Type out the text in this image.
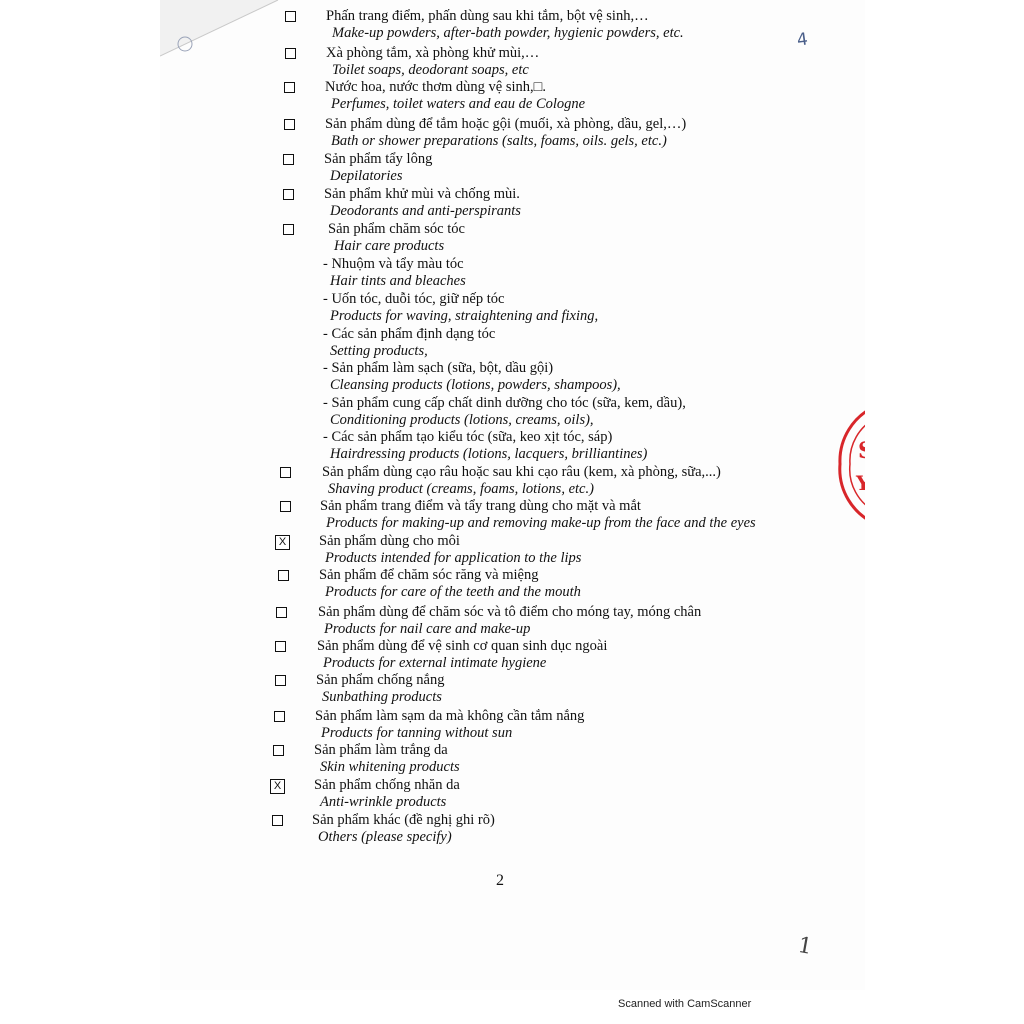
Phấn trang điểm, phấn dùng sau khi tắm, bột vệ sinh,…
Make-up powders, after-bath powder, hygienic powders, etc.
Xà phòng tắm, xà phòng khử mùi,…
Toilet soaps, deodorant soaps, etc
Nước hoa, nước thơm dùng vệ sinh,□.
Perfumes, toilet waters and eau de Cologne
Sản phẩm dùng để tắm hoặc gội (muối, xà phòng, dầu, gel,…)
Bath or shower preparations (salts, foams, oils. gels, etc.)
Sản phẩm tẩy lông
Depilatories
Sản phẩm khử mùi và chống mùi.
Deodorants and anti-perspirants
Sản phẩm chăm sóc tóc
Hair care products
Sản phẩm dùng cạo râu hoặc sau khi cạo râu (kem, xà phòng, sữa,...)
Shaving product (creams, foams, lotions, etc.)
Sản phẩm trang điểm và tẩy trang dùng cho mặt và mắt
Products for making-up and removing make-up from the face and the eyes
X Sản phẩm dùng cho môi
Products intended for application to the lips
Sản phẩm để chăm sóc răng và miệng
Products for care of the teeth and the mouth
Sản phẩm dùng để chăm sóc và tô điểm cho móng tay, móng chân
Products for nail care and make-up
Sản phẩm dùng để vệ sinh cơ quan sinh dục ngoài
Products for external intimate hygiene
Sản phẩm chống nắng
Sunbathing products
Sản phẩm làm sạm da mà không cần tắm nắng
Products for tanning without sun
Sản phẩm làm trắng da
Skin whitening products
X Sản phẩm chống nhăn da
Anti-wrinkle products
Sản phẩm khác (đề nghị ghi rõ)
Others (please specify)
- Nhuộm và tẩy màu tóc
Hair tints and bleaches
- Uốn tóc, duỗi tóc, giữ nếp tóc
Products for waving, straightening and fixing,
- Các sản phẩm định dạng tóc
Setting products,
- Sản phẩm làm sạch (sữa, bột, dầu gội)
Cleansing products (lotions, powders, shampoos),
- Sản phẩm cung cấp chất dinh dưỡng cho tóc (sữa, kem, dầu),
Conditioning products (lotions, creams, oils),
- Các sản phẩm tạo kiểu tóc (sữa, keo xịt tóc, sáp)
Hairdressing products (lotions, lacquers, brilliantines)
4
S
Y
2
1
Scanned with CamScanner
